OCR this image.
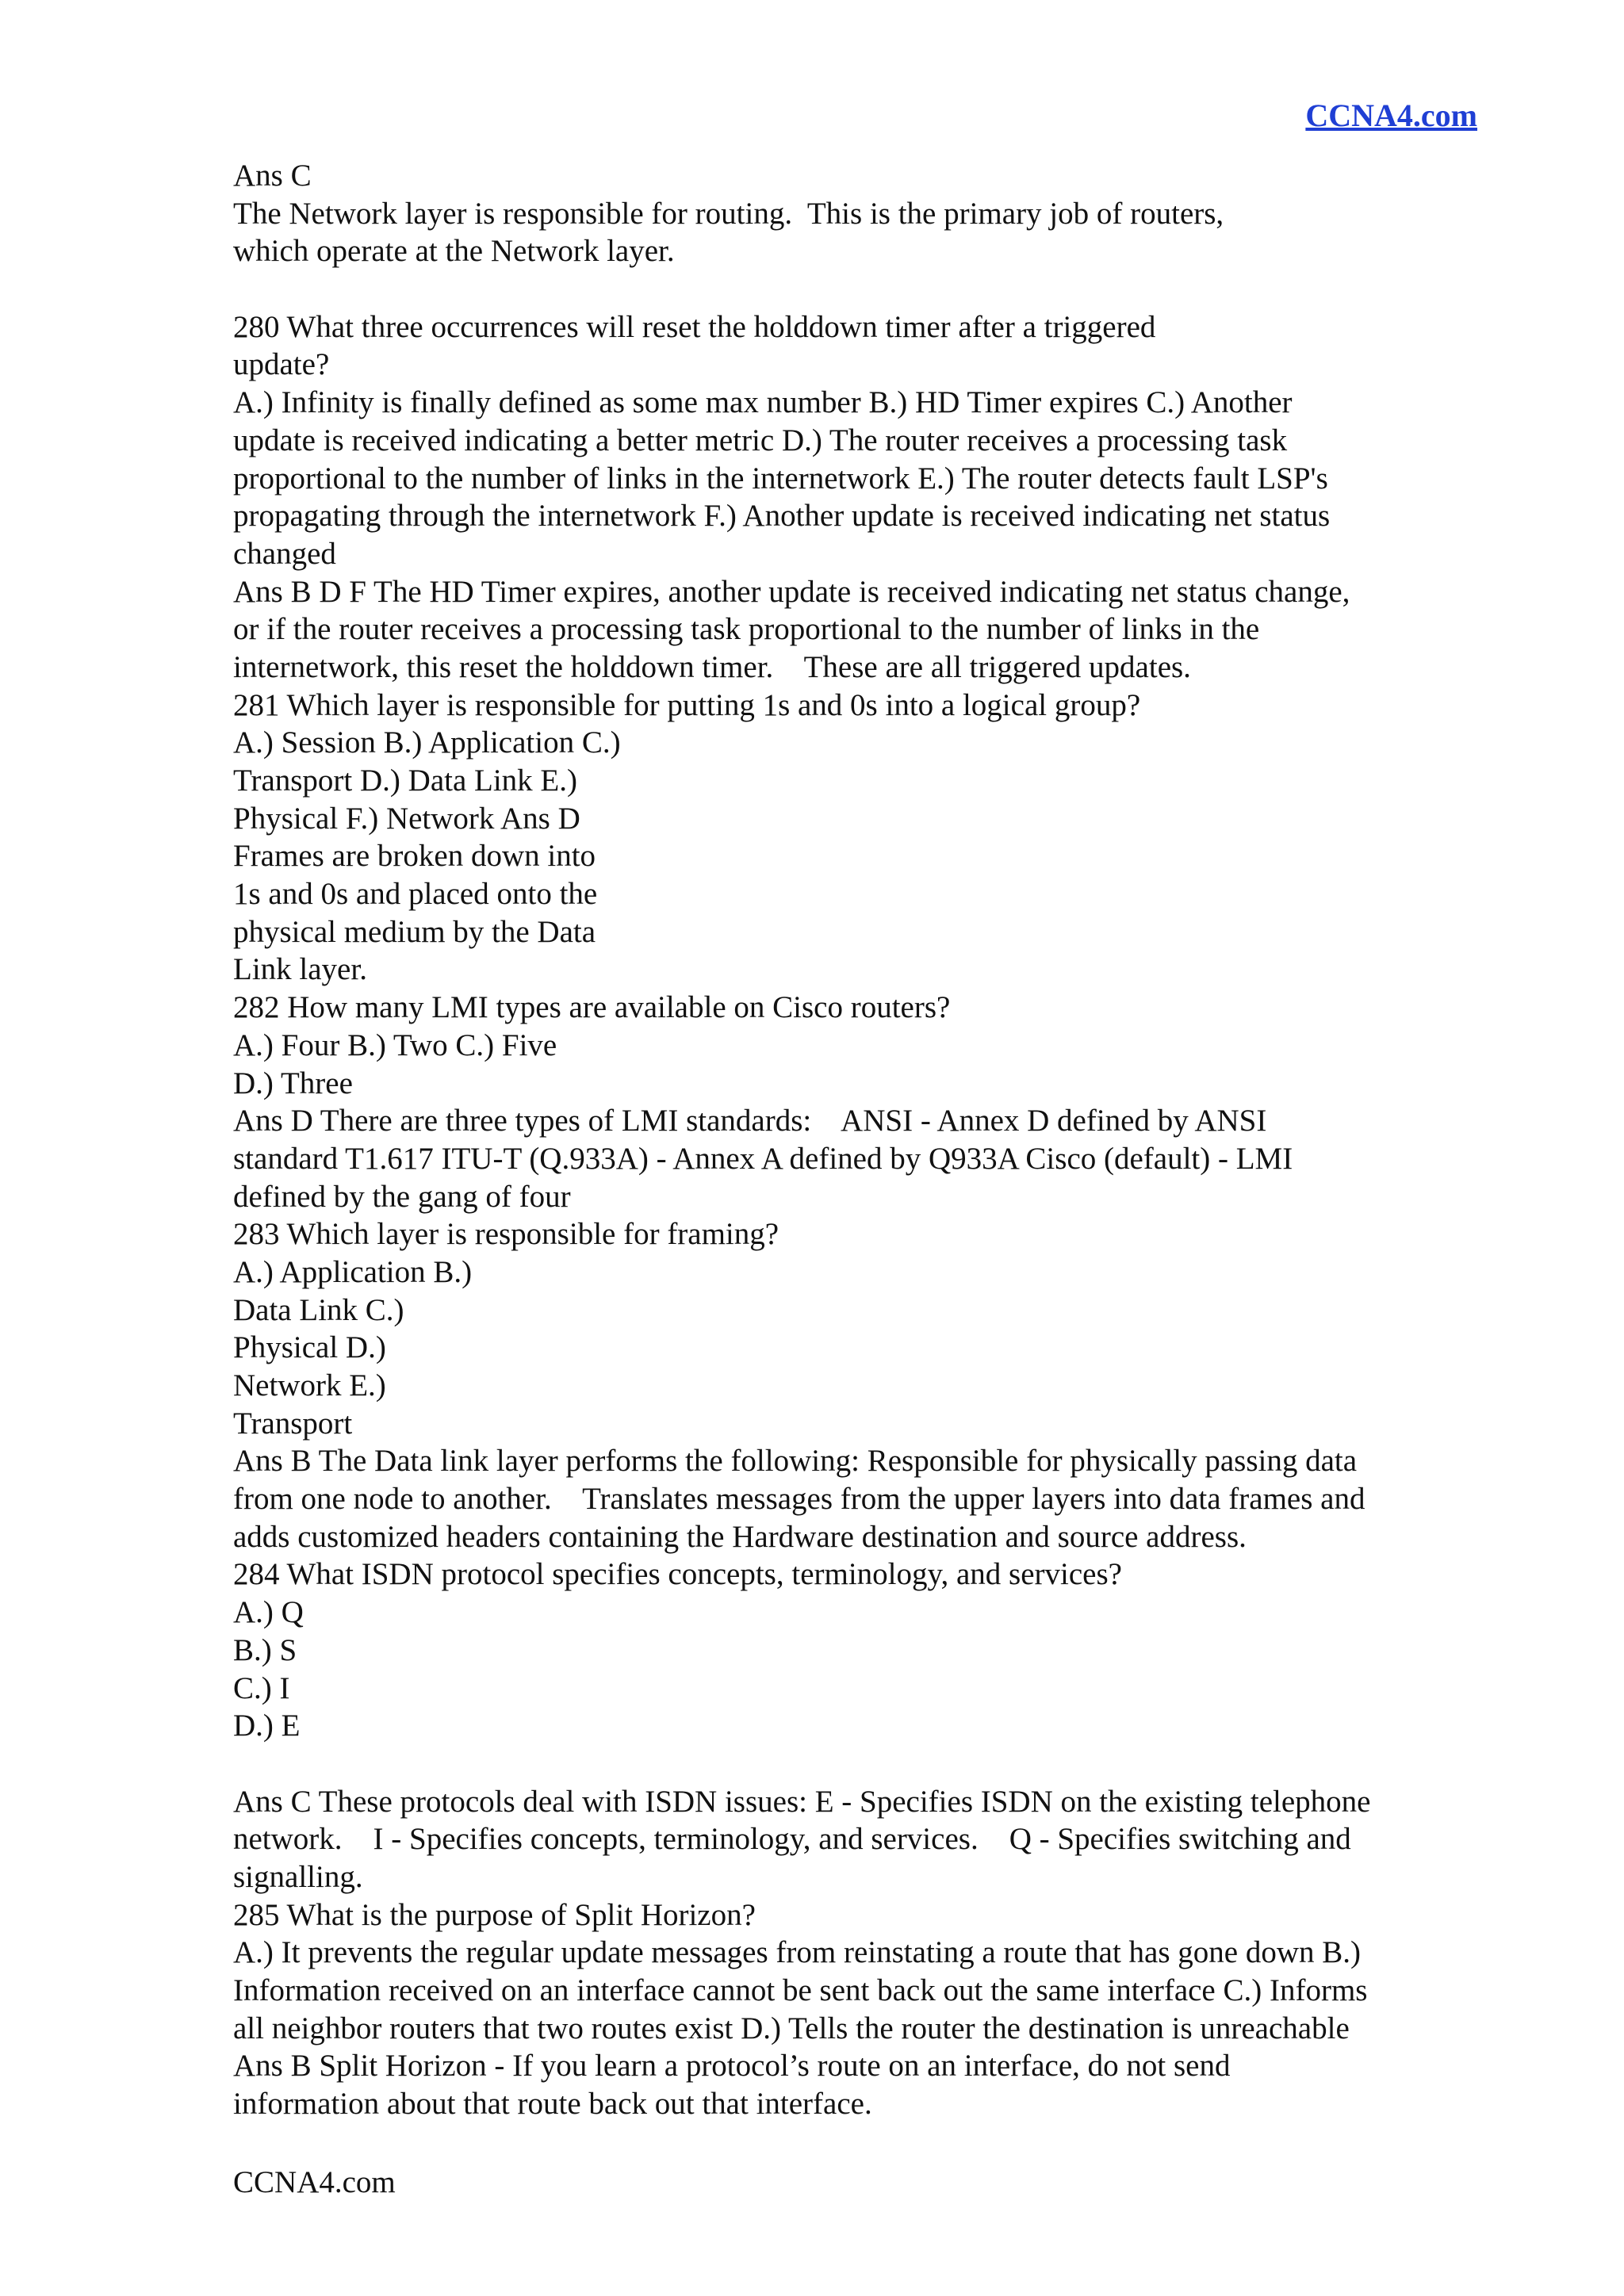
CCNA4.com
Ans C
The Network layer is responsible for routing.  This is the primary job of routers,
which operate at the Network layer.
280 What three occurrences will reset the holddown timer after a triggered
update?
A.) Infinity is finally defined as some max number B.) HD Timer expires C.) Another
update is received indicating a better metric D.) The router receives a processing task
proportional to the number of links in the internetwork E.) The router detects fault LSP's
propagating through the internetwork F.) Another update is received indicating net status
changed
Ans B D F The HD Timer expires, another update is received indicating net status change,
or if the router receives a processing task proportional to the number of links in the
internetwork, this reset the holddown timer.    These are all triggered updates.
281 Which layer is responsible for putting 1s and 0s into a logical group?
A.) Session B.) Application C.)
Transport D.) Data Link E.)
Physical F.) Network Ans D
Frames are broken down into
1s and 0s and placed onto the
physical medium by the Data
Link layer.
282 How many LMI types are available on Cisco routers?
A.) Four B.) Two C.) Five
D.) Three
Ans D There are three types of LMI standards:    ANSI - Annex D defined by ANSI
standard T1.617 ITU-T (Q.933A) - Annex A defined by Q933A Cisco (default) - LMI
defined by the gang of four
283 Which layer is responsible for framing?
A.) Application B.)
Data Link C.)
Physical D.)
Network E.)
Transport
Ans B The Data link layer performs the following: Responsible for physically passing data
from one node to another.    Translates messages from the upper layers into data frames and
adds customized headers containing the Hardware destination and source address.
284 What ISDN protocol specifies concepts, terminology, and services?
A.) Q
B.) S
C.) I
D.) E
Ans C These protocols deal with ISDN issues: E - Specifies ISDN on the existing telephone
network.    I - Specifies concepts, terminology, and services.    Q - Specifies switching and
signalling.
285 What is the purpose of Split Horizon?
A.) It prevents the regular update messages from reinstating a route that has gone down B.)
Information received on an interface cannot be sent back out the same interface C.) Informs
all neighbor routers that two routes exist D.) Tells the router the destination is unreachable
Ans B Split Horizon - If you learn a protocol’s route on an interface, do not send
information about that route back out that interface.
CCNA4.com
